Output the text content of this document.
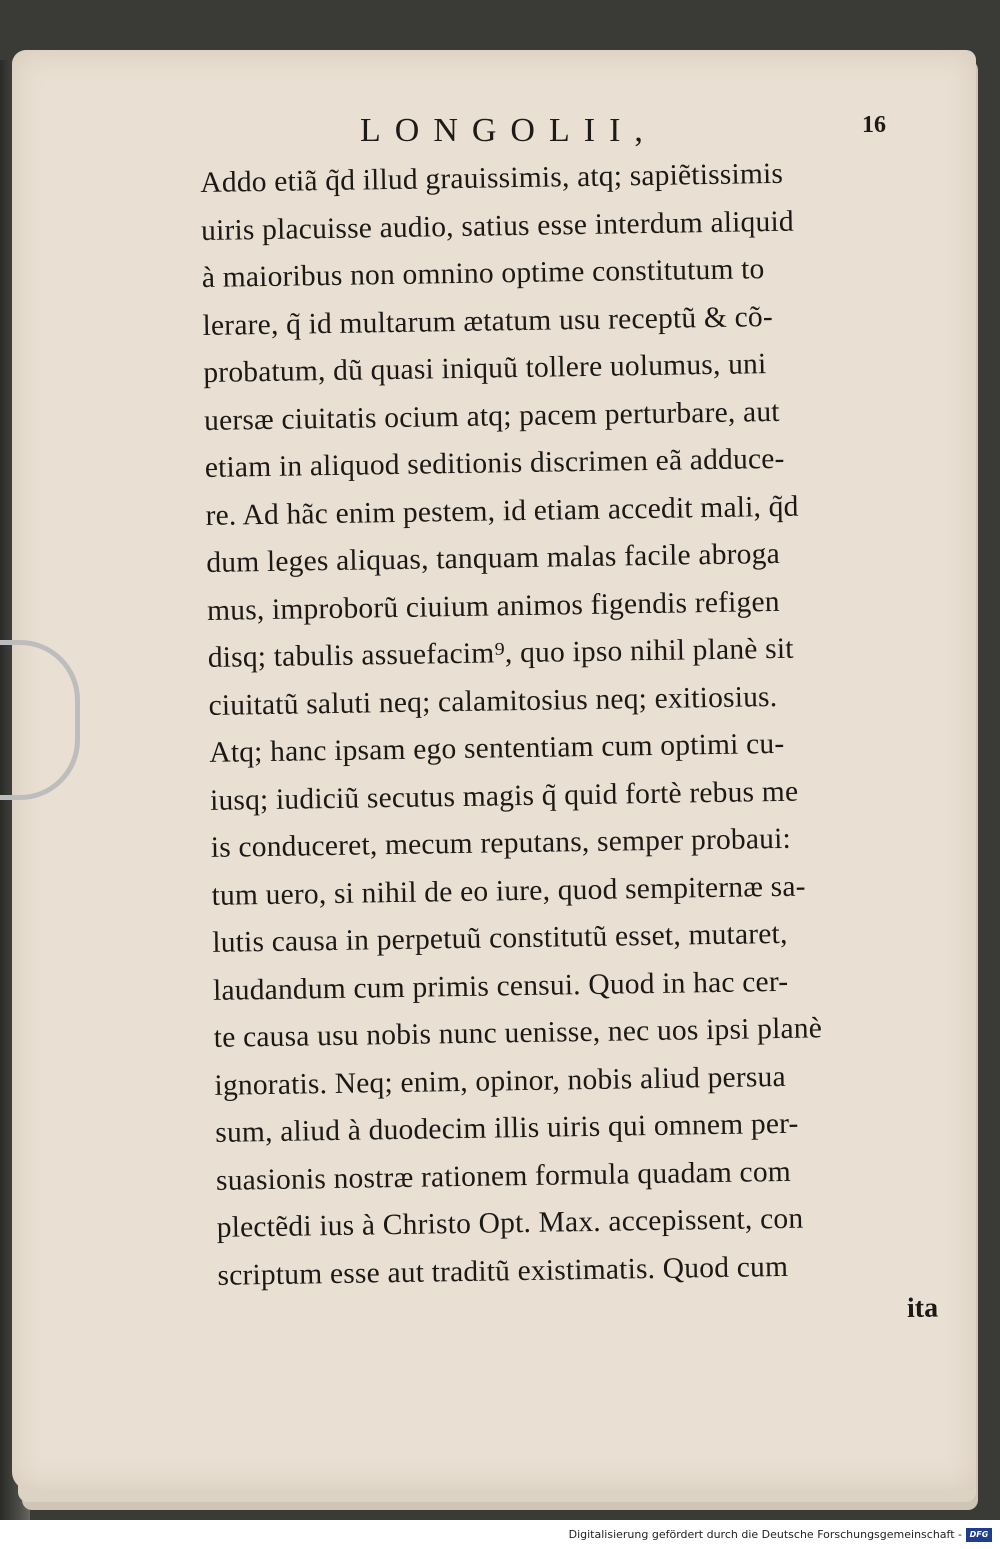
LONGOLII,	16
Addo etiã q̃d illud grauissimis, atq; sapiẽtissimis
uiris placuisse audio, satius esse interdum aliquid
à maioribus non omnino optime constitutum to
lerare, q̃ id multarum ætatum usu receptũ & cõ-
probatum, dũ quasi iniquũ tollere uolumus, uni
uersæ ciuitatis ocium atq; pacem perturbare, aut
etiam in aliquod seditionis discrimen eã adduce-
re. Ad hãc enim pestem, id etiam accedit mali, q̃d
dum leges aliquas, tanquam malas facile abroga
mus, improborũ ciuium animos figendis refigen
disq; tabulis assuefacim⁹, quo ipso nihil planè sit
ciuitatũ saluti neq; calamitosius neq; exitiosius.
Atq; hanc ipsam ego sententiam cum optimi cu-
iusq; iudiciũ secutus magis q̃ quid fortè rebus me
is conduceret, mecum reputans, semper probaui:
tum uero, si nihil de eo iure, quod sempiternæ sa-
lutis causa in perpetuũ constitutũ esset, mutaret,
laudandum cum primis censui. Quod in hac cer-
te causa usu nobis nunc uenisse, nec uos ipsi planè
ignoratis. Neq; enim, opinor, nobis aliud persua
sum, aliud à duodecim illis uiris qui omnem per-
suasionis nostræ rationem formula quadam com
plectẽdi ius à Christo Opt. Max. accepissent, con
scriptum esse aut traditũ existimatis. Quod cum
ita
Digitalisierung gefördert durch die Deutsche Forschungsgemeinschaft - DFG
